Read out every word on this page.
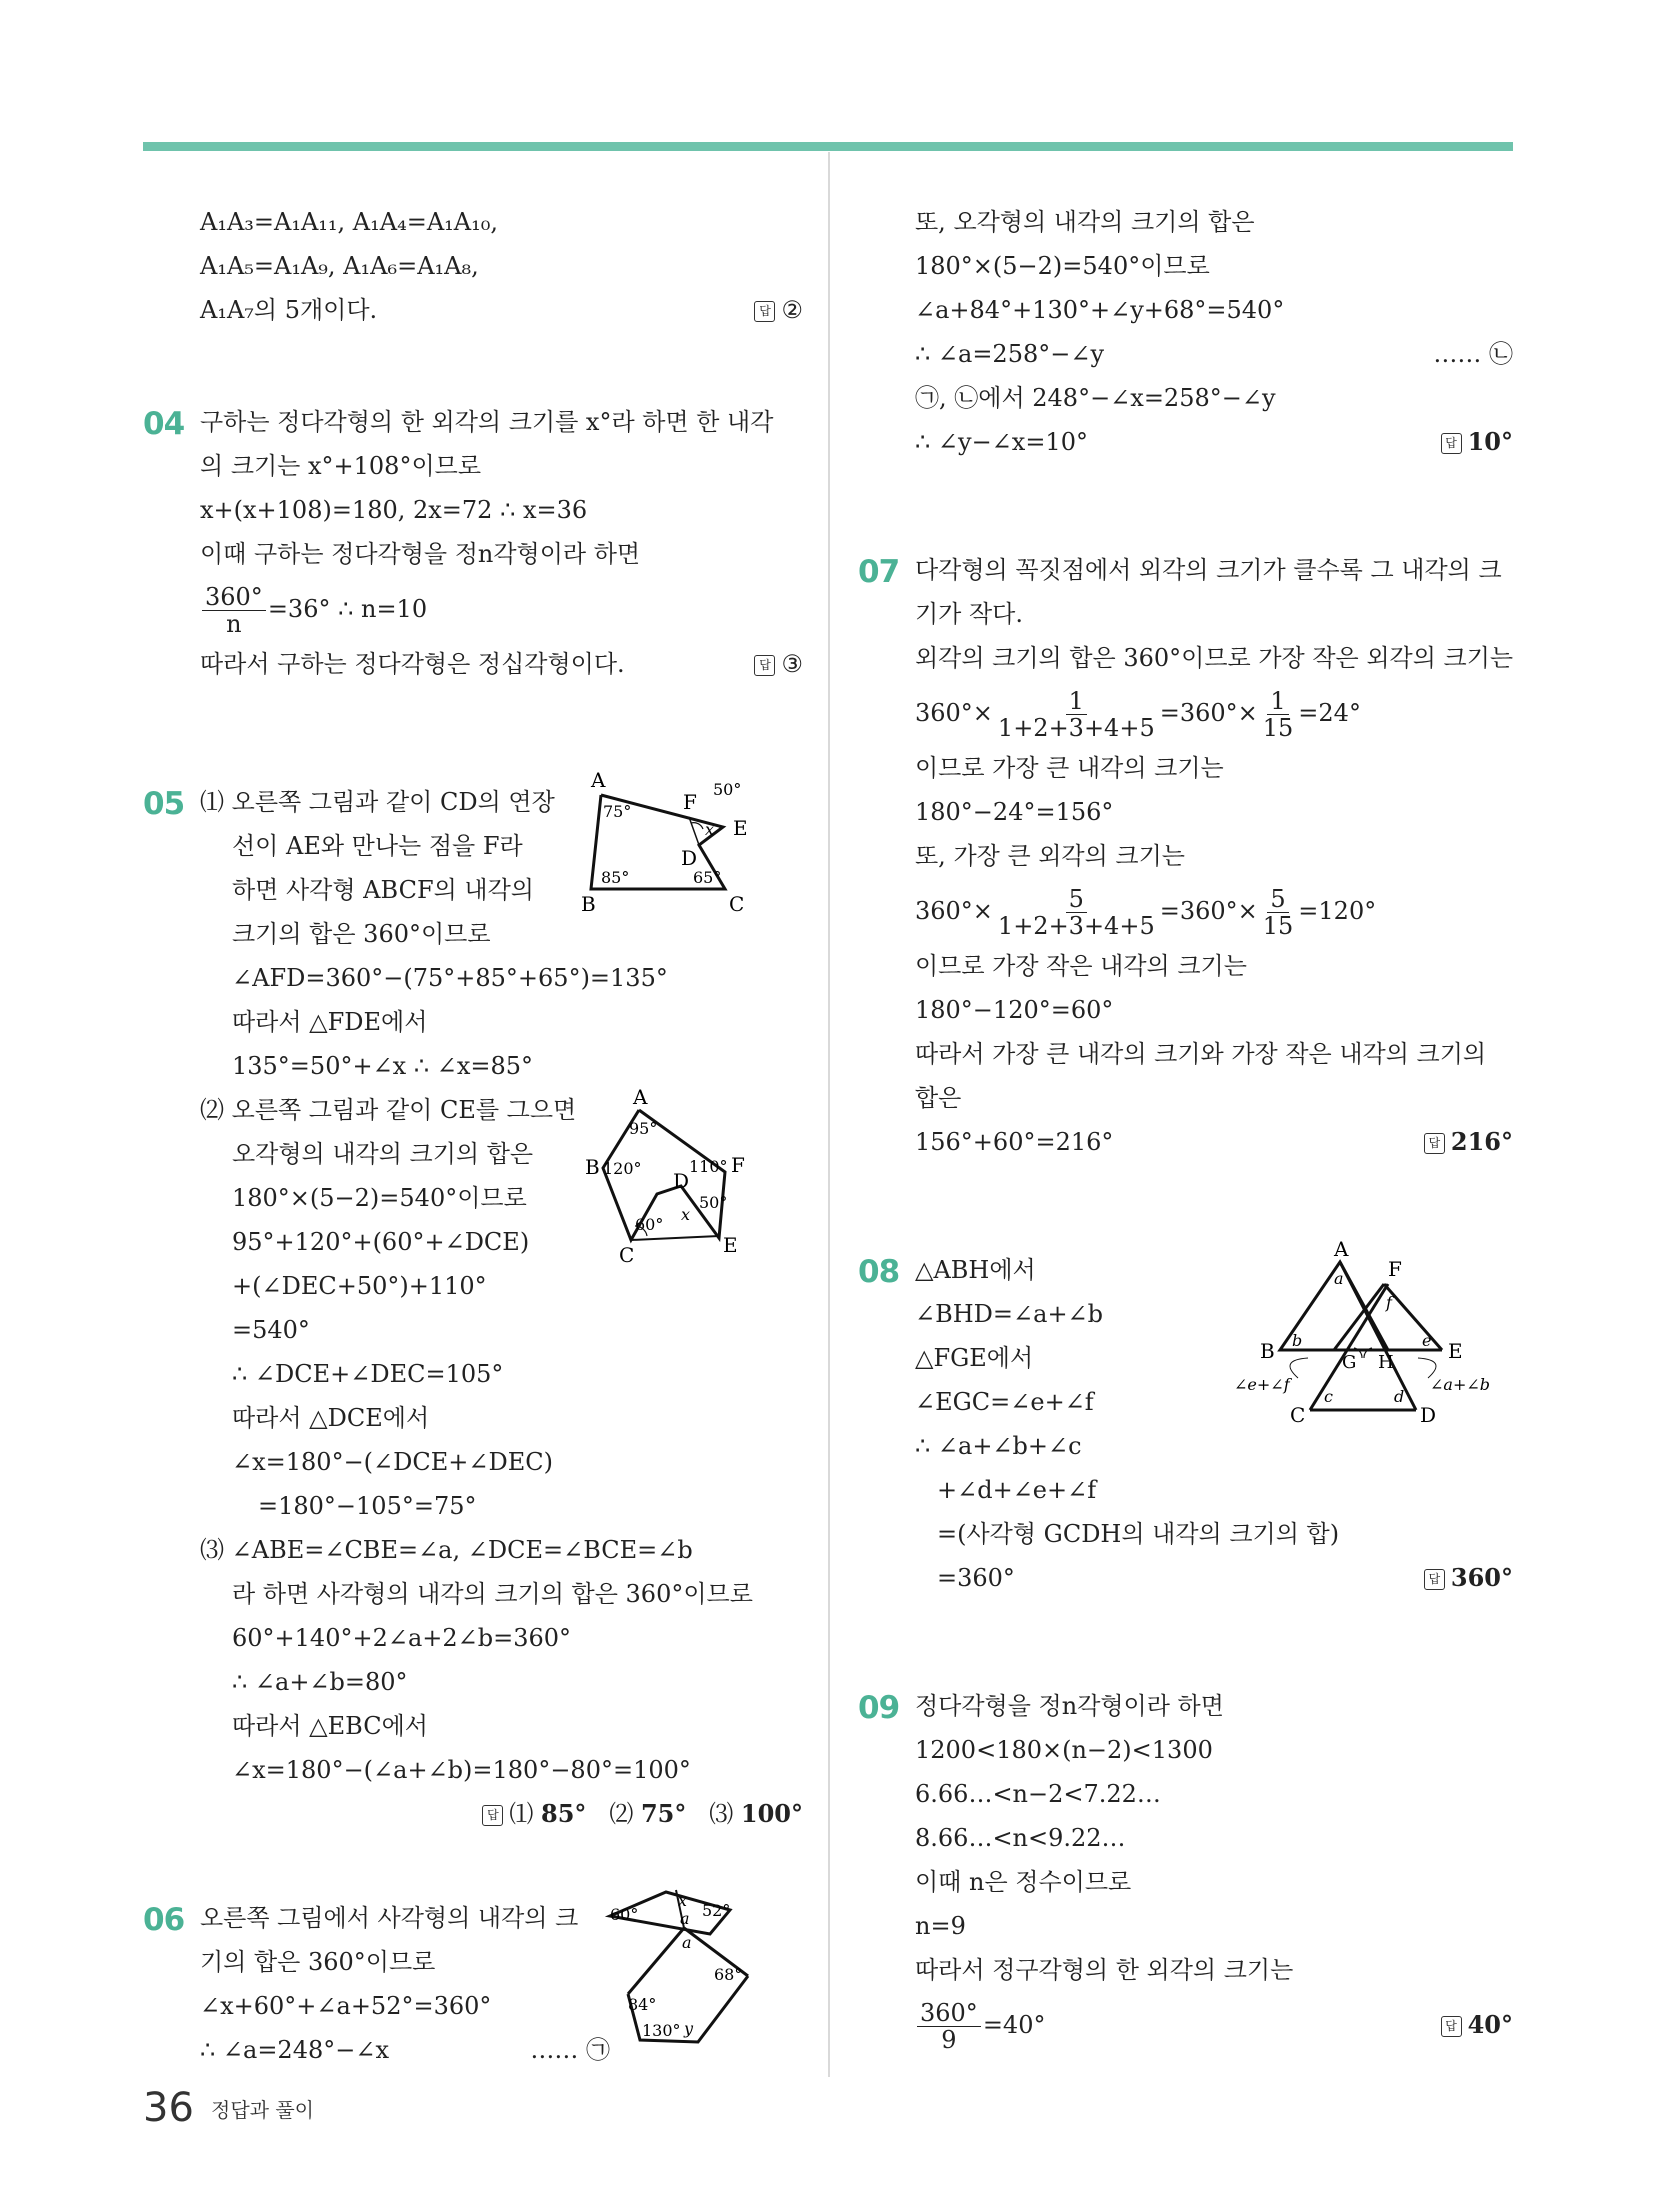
A₁A₃=A₁A₁₁, A₁A₄=A₁A₁₀,
A₁A₅=A₁A₉, A₁A₆=A₁A₈,
A₁A₇의 5개이다.	답 ②
04 구하는 정다각형의 한 외각의 크기를 x°라 하면 한 내각
의 크기는 x°+108°이므로
x+(x+108)=180, 2x=72 ∴ x=36
이때 구하는 정다각형을 정n각형이라 하면
$\frac{360^\circ}{n} =36^\circ$ ∴ n=10
따라서 구하는 정다각형은 정십각형이다.	답 ③
05 ⑴ 오른쪽 그림과 같이 CD의 연장
선이 AE와 만나는 점을 F라
하면 사각형 ABCF의 내각의
크기의 합은 360°이므로
∠AFD=360°−(75°+85°+65°)=135°
따라서 △FDE에서
135°=50°+∠x ∴ ∠x=85°
⑵ 오른쪽 그림과 같이 CE를 그으면
오각형의 내각의 크기의 합은
180°×(5−2)=540°이므로
95°+120°+(60°+∠DCE)
+(∠DEC+50°)+110°
=540°
∴ ∠DCE+∠DEC=105°
따라서 △DCE에서
∠x=180°−(∠DCE+∠DEC)
=180°−105°=75°
⑶ ∠ABE=∠CBE=∠a, ∠DCE=∠BCE=∠b
라 하면 사각형의 내각의 크기의 합은 360°이므로
60°+140°+2∠a+2∠b=360°
∴ ∠a+∠b=80°
따라서 △EBC에서
∠x=180°−(∠a+∠b)=180°−80°=100°
답 ⑴ 85° ⑵ 75° ⑶ 100°
A
75°	F
50°
x E
D
85°	65°
B	C
A
95°
B 120°	110° F
D
50°
x
60°
E
C
06 오른쪽 그림에서 사각형의 내각의 크
기의 합은 360°이므로
∠x+60°+∠a+52°=360°
∴ ∠a=248°−∠x	…… ㉠
60°
x
52°
a
a
68°
84°
130° y
또, 오각형의 내각의 크기의 합은
180°×(5−2)=540°이므로
∠a+84°+130°+∠y+68°=540°
∴ ∠a=258°−∠y	…… ㉡
㉠, ㉡에서 248°−∠x=258°−∠y
∴ ∠y−∠x=10°	답 10°
07 다각형의 꼭짓점에서 외각의 크기가 클수록 그 내각의 크
기가 작다.
외각의 크기의 합은 360°이므로 가장 작은 외각의 크기는
$360^\circ\times \frac{1}{1+2+3+4+5} =360^\circ\times \frac{1}{15} =24^\circ$
이므로 가장 큰 내각의 크기는
180°−24°=156°
또, 가장 큰 외각의 크기는
$360^\circ\times \frac{5}{1+2+3+4+5} =360^\circ\times \frac{5}{15} =120^\circ$
이므로 가장 작은 내각의 크기는
180°−120°=60°
따라서 가장 큰 내각의 크기와 가장 작은 내각의 크기의
합은
156°+60°=216°	답 216°
08 △ABH에서
∠BHD=∠a+∠b
△FGE에서
∠EGC=∠e+∠f
∴ ∠a+∠b+∠c
+∠d+∠e+∠f
=(사각형 GCDH의 내각의 크기의 합)
=360°	답 360°
A
a F
f
B b	e E
G H
∠e+∠f	∠a+∠b
c	d
C	D
09 정다각형을 정n각형이라 하면
1200<180×(n−2)<1300
6.66…<n−2<7.22…
8.66…<n<9.22…
이때 n은 정수이므로
n=9
따라서 정구각형의 한 외각의 크기는
$\frac{360^\circ}{9} =40^\circ$	답 40°
36 정답과 풀이
